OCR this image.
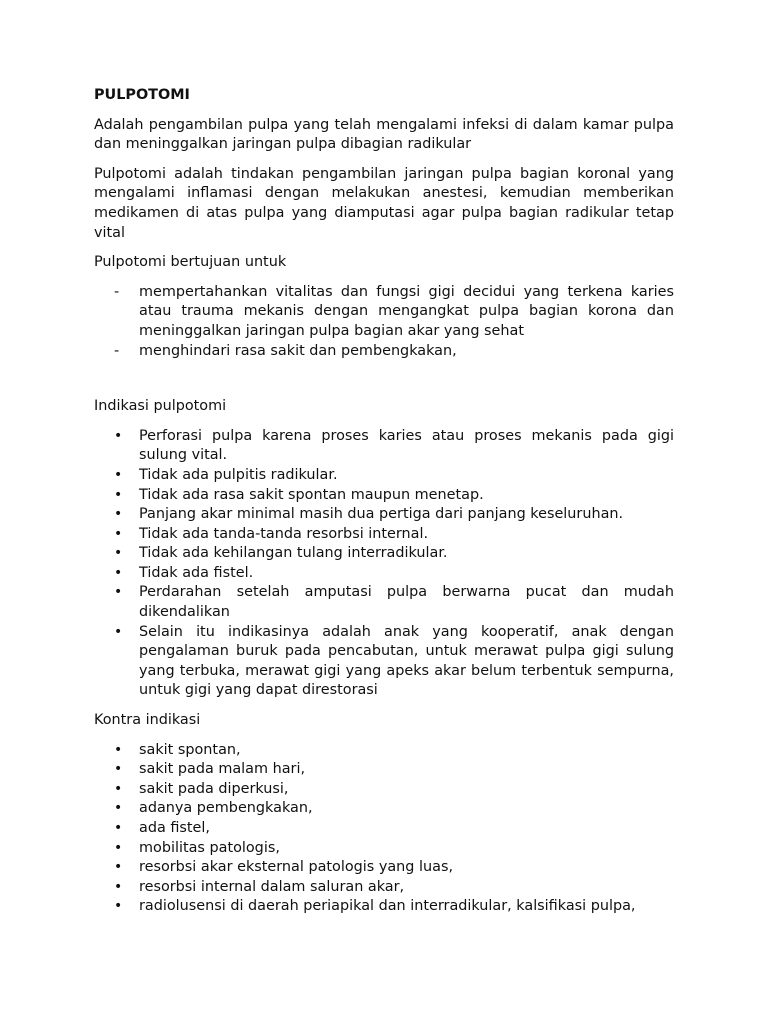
PULPOTOMI

Adalah pengambilan pulpa yang telah mengalami infeksi di dalam kamar pulpa dan meninggalkan jaringan pulpa dibagian radikular

Pulpotomi adalah tindakan pengambilan jaringan pulpa bagian koronal yang mengalami inflamasi dengan melakukan anestesi, kemudian memberikan medikamen di atas pulpa yang diamputasi agar pulpa bagian radikular tetap vital

Pulpotomi bertujuan untuk
-	mempertahankan vitalitas dan fungsi gigi decidui yang terkena karies atau trauma mekanis dengan mengangkat pulpa bagian korona dan
meninggalkan jaringan pulpa bagian akar yang sehat
-	menghindari rasa sakit dan pembengkakan,
Indikasi pulpotomi
•	Perforasi pulpa karena proses karies atau proses mekanis pada gigi sulung vital.
•	Tidak ada pulpitis radikular.
•	Tidak ada rasa sakit spontan maupun menetap.
•	Panjang akar minimal masih dua pertiga dari panjang keseluruhan.
•	Tidak ada tanda-tanda resorbsi internal.
•	Tidak ada kehilangan tulang interradikular.
•	Tidak ada fistel.
•	Perdarahan setelah amputasi pulpa berwarna pucat dan mudah dikendalikan
•	Selain itu indikasinya adalah anak yang kooperatif, anak dengan pengalaman buruk pada pencabutan, untuk merawat pulpa gigi sulung yang terbuka, merawat gigi yang apeks akar belum terbentuk sempurna, untuk gigi yang dapat direstorasi
Kontra indikasi
•	sakit spontan,
•	sakit pada malam hari,
•	sakit pada diperkusi,
•	adanya pembengkakan,
•	ada fistel,
•	mobilitas patologis,
•	resorbsi akar eksternal patologis yang luas,
•	resorbsi internal dalam saluran akar,
•	radiolusensi di daerah periapikal dan interradikular, kalsifikasi pulpa,
